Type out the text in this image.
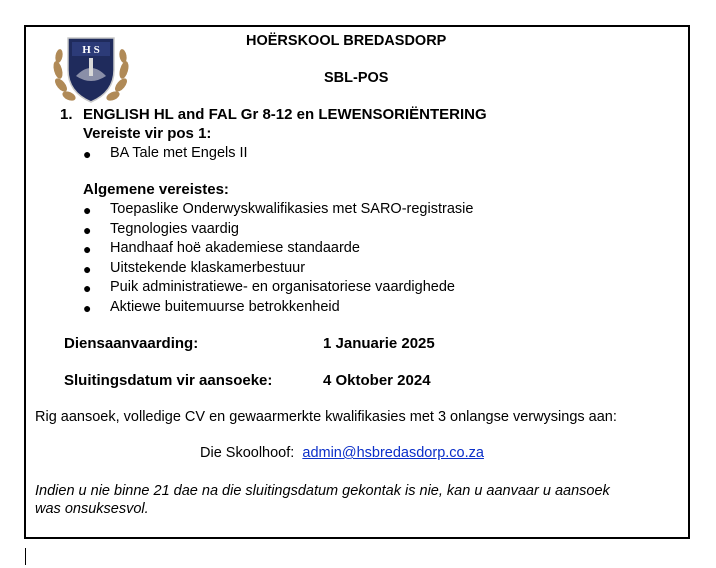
H S
HOËRSKOOL BREDASDORP
SBL-POS
1. ENGLISH HL and FAL Gr 8-12 en LEWENSORIËNTERING
Vereiste vir pos 1:
● BA Tale met Engels II
Algemene vereistes:
● Toepaslike Onderwyskwalifikasies met SARO-registrasie
● Tegnologies vaardig
● Handhaaf hoë akademiese standaarde
● Uitstekende klaskamerbestuur
● Puik administratiewe- en organisatoriese vaardighede
● Aktiewe buitemuurse betrokkenheid
Diensaanvaarding:	1 Januarie 2025
Sluitingsdatum vir aansoeke:	4 Oktober 2024
Rig aansoek, volledige CV en gewaarmerkte kwalifikasies met 3 onlangse verwysings aan:
Die Skoolhoof: admin@hsbredasdorp.co.za
Indien u nie binne 21 dae na die sluitingsdatum gekontak is nie, kan u aanvaar u aansoek
was onsuksesvol.
